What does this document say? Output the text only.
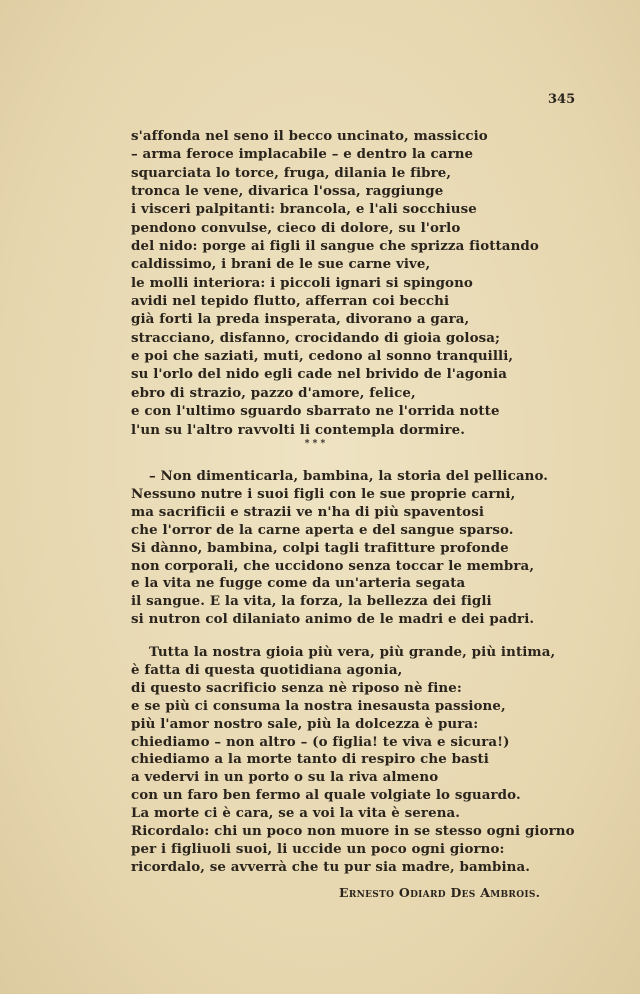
345
s'affonda nel seno il becco uncinato, massiccio
– arma feroce implacabile – e dentro la carne
squarciata lo torce, fruga, dilania le fibre,
tronca le vene, divarica l'ossa, raggiunge
i visceri palpitanti: brancola, e l'ali socchiuse
pendono convulse, cieco di dolore, su l'orlo
del nido: porge ai figli il sangue che sprizza fiottando
caldissimo, i brani de le sue carne vive,
le molli interiora: i piccoli ignari si spingono
avidi nel tepido flutto, afferran coi becchi
già forti la preda insperata, divorano a gara,
stracciano, disfanno, crocidando di gioia golosa;
e poi che saziati, muti, cedono al sonno tranquilli,
su l'orlo del nido egli cade nel brivido de l'agonia
ebro di strazio, pazzo d'amore, felice,
e con l'ultimo sguardo sbarrato ne l'orrida notte
l'un su l'altro ravvolti li contempla dormire.
* * *
– Non dimenticarla, bambina, la storia del pellicano.
Nessuno nutre i suoi figli con le sue proprie carni,
ma sacrificii e strazii ve n'ha di più spaventosi
che l'orror de la carne aperta e del sangue sparso.
Si dànno, bambina, colpi tagli trafitture profonde
non corporali, che uccidono senza toccar le membra,
e la vita ne fugge come da un'arteria segata
il sangue. E la vita, la forza, la bellezza dei figli
si nutron col dilaniato animo de le madri e dei padri.
Tutta la nostra gioia più vera, più grande, più intima,
è fatta di questa quotidiana agonia,
di questo sacrificio senza nè riposo nè fine:
e se più ci consuma la nostra inesausta passione,
più l'amor nostro sale, più la dolcezza è pura:
chiediamo – non altro – (o figlia! te viva e sicura!)
chiediamo a la morte tanto di respiro che basti
a vedervi in un porto o su la riva almeno
con un faro ben fermo al quale volgiate lo sguardo.
La morte ci è cara, se a voi la vita è serena.
Ricordalo: chi un poco non muore in se stesso ogni giorno
per i figliuoli suoi, li uccide un poco ogni giorno:
ricordalo, se avverrà che tu pur sia madre, bambina.
Ernesto Odiard Des Ambrois.
